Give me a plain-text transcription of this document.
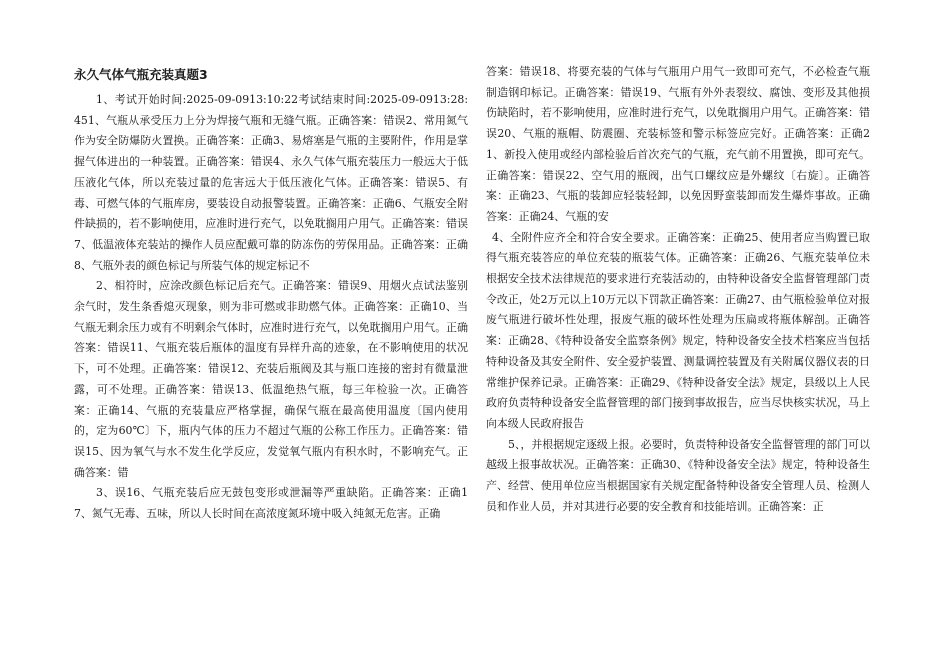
永久气体气瓶充装真题3

1、考试开始时间:2025-09-0913:10:22考试结束时间:2025-09-0913:28:451、气瓶从承受压力上分为焊接气瓶和无缝气瓶。正确答案：错误2、常用氮气作为安全防爆防火置换。正确答案：正确3、易熔塞是气瓶的主要附件，作用是掌握气体进出的一种装置。正确答案：错误4、永久气体气瓶充装压力一般远大于低压液化气体，所以充装过量的危害远大于低压液化气体。正确答案：错误5、有毒、可燃气体的气瓶库房，要装设自动报警装置。正确答案：正确6、气瓶安全附件缺损的，若不影响使用，应准时进行充气，以免耽搁用户用气。正确答案：错误7、低温液体充装站的操作人员应配戴可靠的防冻伤的劳保用品。正确答案：正确8、气瓶外表的颜色标记与所装气体的规定标记不

2、相符时，应涂改颜色标记后充气。正确答案：错误9、用烟火点试法鉴别余气时，发生条香熄灭现象，则为非可燃或非助燃气体。正确答案：正确10、当气瓶无剩余压力或有不明剩余气体时，应准时进行充气，以免耽搁用户用气。正确答案：错误11、气瓶充装后瓶体的温度有异样升高的迹象，在不影响使用的状况下，可不处理。正确答案：错误12、充装后瓶阀及其与瓶口连接的密封有微量泄露，可不处理。正确答案：错误13、低温绝热气瓶，每三年检验一次。正确答案：正确14、气瓶的充装量应严格掌握，确保气瓶在最高使用温度〔国内使用的，定为60℃〕下，瓶内气体的压力不超过气瓶的公称工作压力。正确答案：错误15、因为氧气与水不发生化学反应，发觉氧气瓶内有积水时，不影响充气。正确答案：错

3、误16、气瓶充装后应无鼓包变形或泄漏等严重缺陷。正确答案：正确17、氮气无毒、五味，所以人长时间在高浓度氮环境中吸入纯氮无危害。正确

答案：错误18、将要充装的气体与气瓶用户用气一致即可充气，不必检查气瓶制造钢印标记。正确答案：错误19、气瓶有外外表裂纹、腐蚀、变形及其他损伤缺陷时，若不影响使用，应准时进行充气，以免耽搁用户用气。正确答案：错误20、气瓶的瓶帽、防震圈、充装标签和警示标签应完好。正确答案：正确21、新投入使用或经内部检验后首次充气的气瓶，充气前不用置换，即可充气。正确答案：错误22、空气用的瓶阀，出气口螺纹应是外螺纹〔右旋〕。正确答案：正确23、气瓶的装卸应轻装轻卸，以免因野蛮装卸而发生爆炸事故。正确答案：正确24、气瓶的安

4、全附件应齐全和符合安全要求。正确答案：正确25、使用者应当购置已取得气瓶充装答应的单位充装的瓶装气体。正确答案：正确26、气瓶充装单位未根据安全技术法律规范的要求进行充装活动的，由特种设备安全监督管理部门责令改正，处2万元以上10万元以下罚款正确答案：正确27、由气瓶检验单位对报废气瓶进行破坏性处理，报废气瓶的破坏性处理为压扁或将瓶体解剖。正确答案：正确28、《特种设备安全监察条例》规定，特种设备安全技术档案应当包括特种设备及其安全附件、安全爱护装置、测量调控装置及有关附属仪器仪表的日常维护保养记录。正确答案：正确29、《特种设备安全法》规定，县级以上人民政府负责特种设备安全监督管理的部门接到事故报告，应当尽快核实状况，马上向本级人民政府报告

5、，并根据规定逐级上报。必要时，负责特种设备安全监督管理的部门可以越级上报事故状况。正确答案：正确30、《特种设备安全法》规定，特种设备生产、经营、使用单位应当根据国家有关规定配备特种设备安全管理人员、检测人员和作业人员，并对其进行必要的安全教育和技能培训。正确答案：正
